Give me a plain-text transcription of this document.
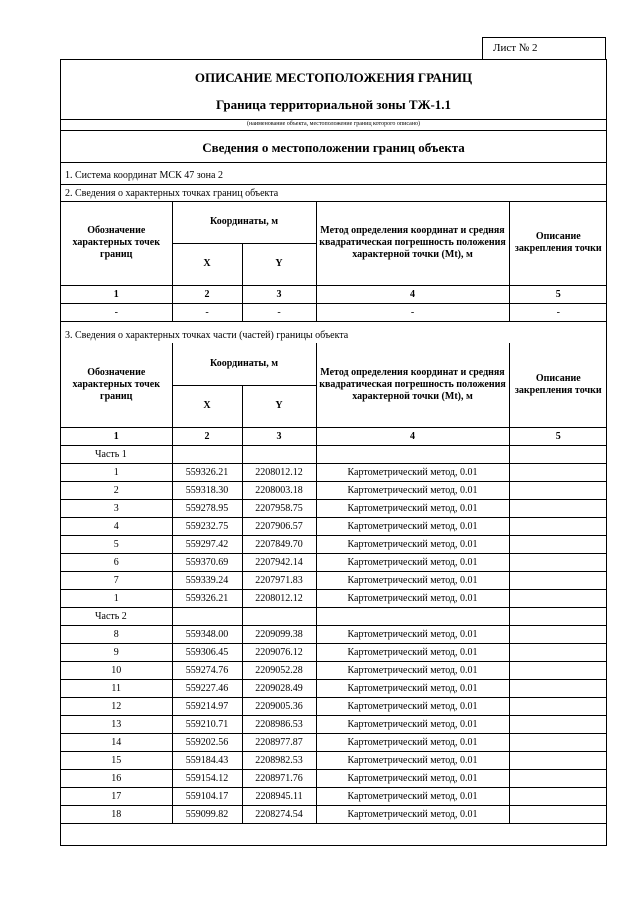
Лист № 2
ОПИСАНИЕ МЕСТОПОЛОЖЕНИЯ ГРАНИЦ
Граница территориальной зоны ТЖ-1.1
(наименование объекта, местоположение границ которого описано)
Сведения о местоположении границ объекта
1. Система координат МСК 47 зона 2
2. Сведения о характерных точках границ объекта
Обозначение характерных точек границ	Координаты, м		Метод определения координат и средняя квадратическая погрешность положения характерной точки (Mt), м	Описание закрепления точки
	X	Y		
1	2	3	4	5
-	-	-	-	-
3. Сведения о характерных точках части (частей) границы объекта
Обозначение характерных точек границ	Координаты, м		Метод определения координат и средняя квадратическая погрешность положения характерной точки (Mt), м	Описание закрепления точки
	X	Y		
1	2	3	4	5
Часть 1				
1	559326.21	2208012.12	Картометрический метод, 0.01	
2	559318.30	2208003.18	Картометрический метод, 0.01	
3	559278.95	2207958.75	Картометрический метод, 0.01	
4	559232.75	2207906.57	Картометрический метод, 0.01	
5	559297.42	2207849.70	Картометрический метод, 0.01	
6	559370.69	2207942.14	Картометрический метод, 0.01	
7	559339.24	2207971.83	Картометрический метод, 0.01	
1	559326.21	2208012.12	Картометрический метод, 0.01	
Часть 2				
8	559348.00	2209099.38	Картометрический метод, 0.01	
9	559306.45	2209076.12	Картометрический метод, 0.01	
10	559274.76	2209052.28	Картометрический метод, 0.01	
11	559227.46	2209028.49	Картометрический метод, 0.01	
12	559214.97	2209005.36	Картометрический метод, 0.01	
13	559210.71	2208986.53	Картометрический метод, 0.01	
14	559202.56	2208977.87	Картометрический метод, 0.01	
15	559184.43	2208982.53	Картометрический метод, 0.01	
16	559154.12	2208971.76	Картометрический метод, 0.01	
17	559104.17	2208945.11	Картометрический метод, 0.01	
18	559099.82	2208274.54	Картометрический метод, 0.01	
